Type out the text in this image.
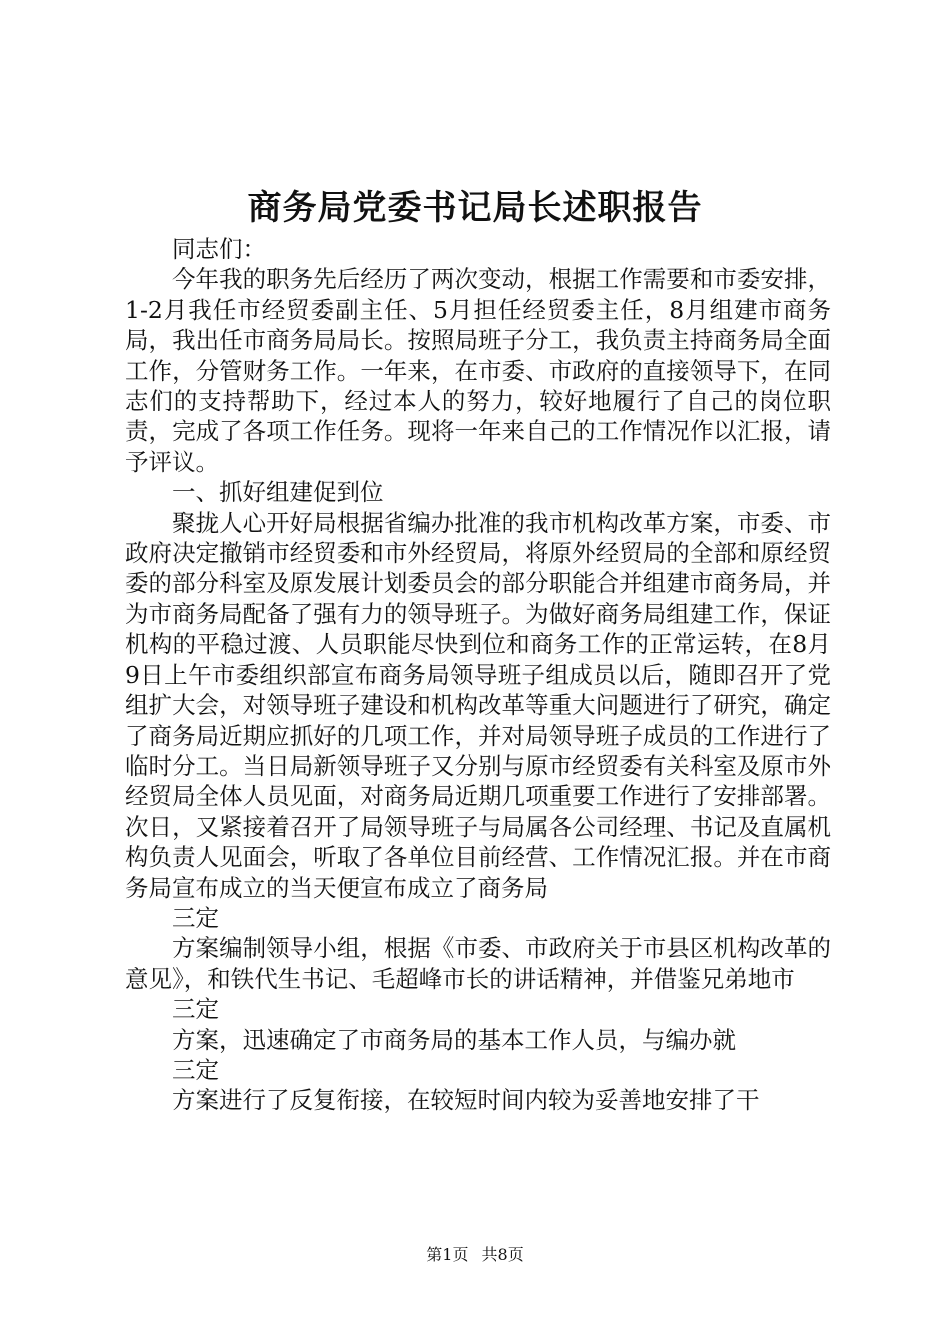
商务局党委书记局长述职报告

同志们：

今年我的职务先后经历了两次变动，根据工作需要和市委安排，1-2月我任市经贸委副主任、5月担任经贸委主任，8月组建市商务局，我出任市商务局局长。按照局班子分工，我负责主持商务局全面工作，分管财务工作。一年来，在市委、市政府的直接领导下，在同志们的支持帮助下，经过本人的努力，较好地履行了自己的岗位职责，完成了各项工作任务。现将一年来自己的工作情况作以汇报，请予评议。

一、抓好组建促到位

聚拢人心开好局根据省编办批准的我市机构改革方案，市委、市政府决定撤销市经贸委和市外经贸局，将原外经贸局的全部和原经贸委的部分科室及原发展计划委员会的部分职能合并组建市商务局，并为市商务局配备了强有力的领导班子。为做好商务局组建工作，保证机构的平稳过渡、人员职能尽快到位和商务工作的正常运转，在8月9日上午市委组织部宣布商务局领导班子组成员以后，随即召开了党组扩大会，对领导班子建设和机构改革等重大问题进行了研究，确定了商务局近期应抓好的几项工作，并对局领导班子成员的工作进行了临时分工。当日局新领导班子又分别与原市经贸委有关科室及原市外经贸局全体人员见面，对商务局近期几项重要工作进行了安排部署。次日，又紧接着召开了局领导班子与局属各公司经理、书记及直属机构负责人见面会，听取了各单位目前经营、工作情况汇报。并在市商务局宣布成立的当天便宣布成立了商务局

三定

方案编制领导小组，根据《市委、市政府关于市县区机构改革的意见》，和铁代生书记、毛超峰市长的讲话精神，并借鉴兄弟地市

三定

方案，迅速确定了市商务局的基本工作人员，与编办就

三定

方案进行了反复衔接，在较短时间内较为妥善地安排了干

第1页 共8页
